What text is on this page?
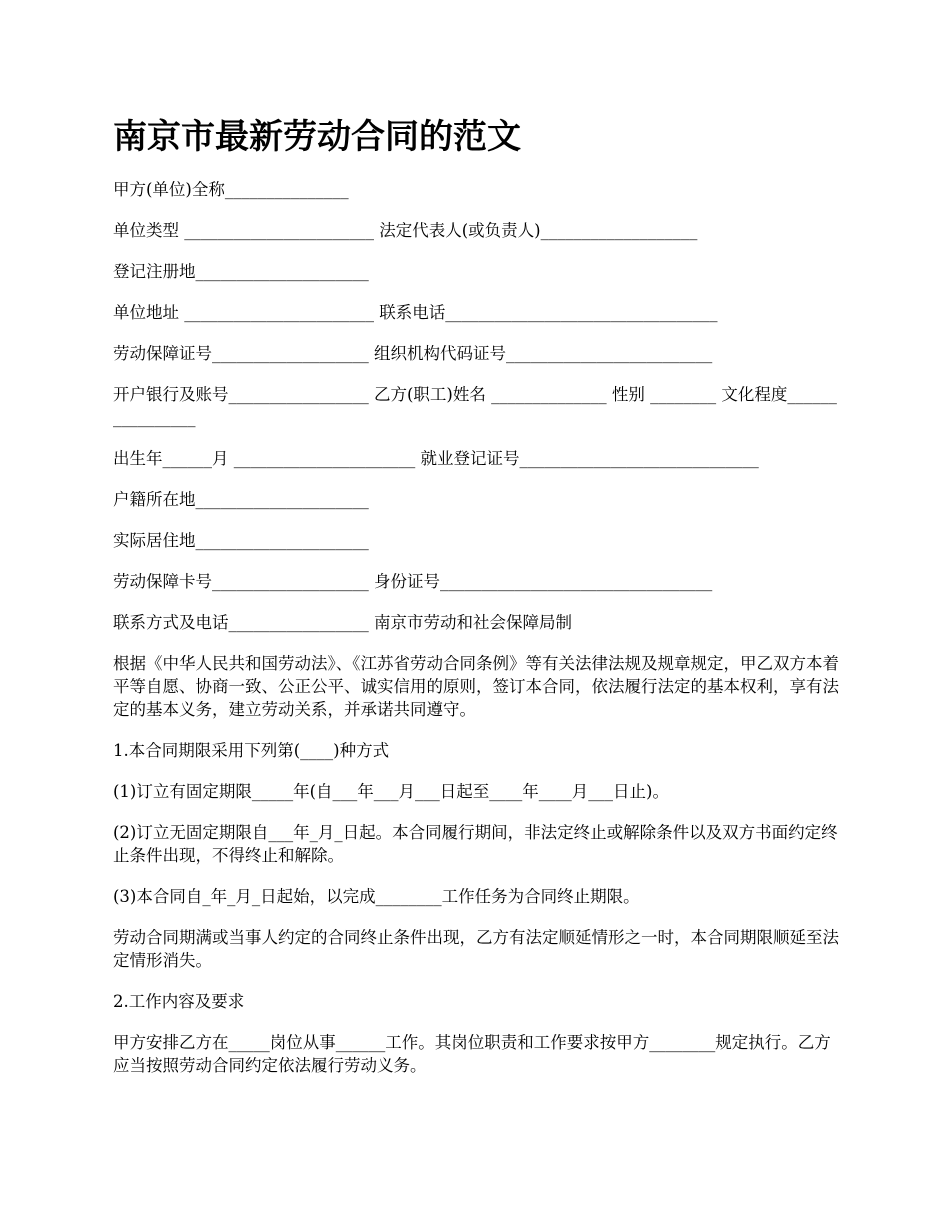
南京市最新劳动合同的范文

甲方(单位)全称_______________

单位类型 _______________________ 法定代表人(或负责人)___________________

登记注册地_____________________

单位地址 _______________________ 联系电话_________________________________

劳动保障证号___________________ 组织机构代码证号_________________________

开户银行及账号_________________ 乙方(职工)姓名 ______________ 性别 ________ 文化程度________________

出生年______月 ______________________ 就业登记证号_____________________________

户籍所在地_____________________

实际居住地_____________________

劳动保障卡号___________________ 身份证号_________________________________

联系方式及电话_________________ 南京市劳动和社会保障局制

根据《中华人民共和国劳动法》、《江苏省劳动合同条例》等有关法律法规及规章规定，甲乙双方本着平等自愿、协商一致、公正公平、诚实信用的原则，签订本合同，依法履行法定的基本权利，享有法定的基本义务，建立劳动关系，并承诺共同遵守。

1.本合同期限采用下列第(____)种方式

(1)订立有固定期限_____年(自___年___月___日起至____年____月___日止)。

(2)订立无固定期限自___年_月_日起。本合同履行期间，非法定终止或解除条件以及双方书面约定终止条件出现，不得终止和解除。

(3)本合同自_年_月_日起始，以完成________工作任务为合同终止期限。

劳动合同期满或当事人约定的合同终止条件出现，乙方有法定顺延情形之一时，本合同期限顺延至法定情形消失。

2.工作内容及要求

甲方安排乙方在_____岗位从事______工作。其岗位职责和工作要求按甲方________规定执行。乙方应当按照劳动合同约定依法履行劳动义务。
